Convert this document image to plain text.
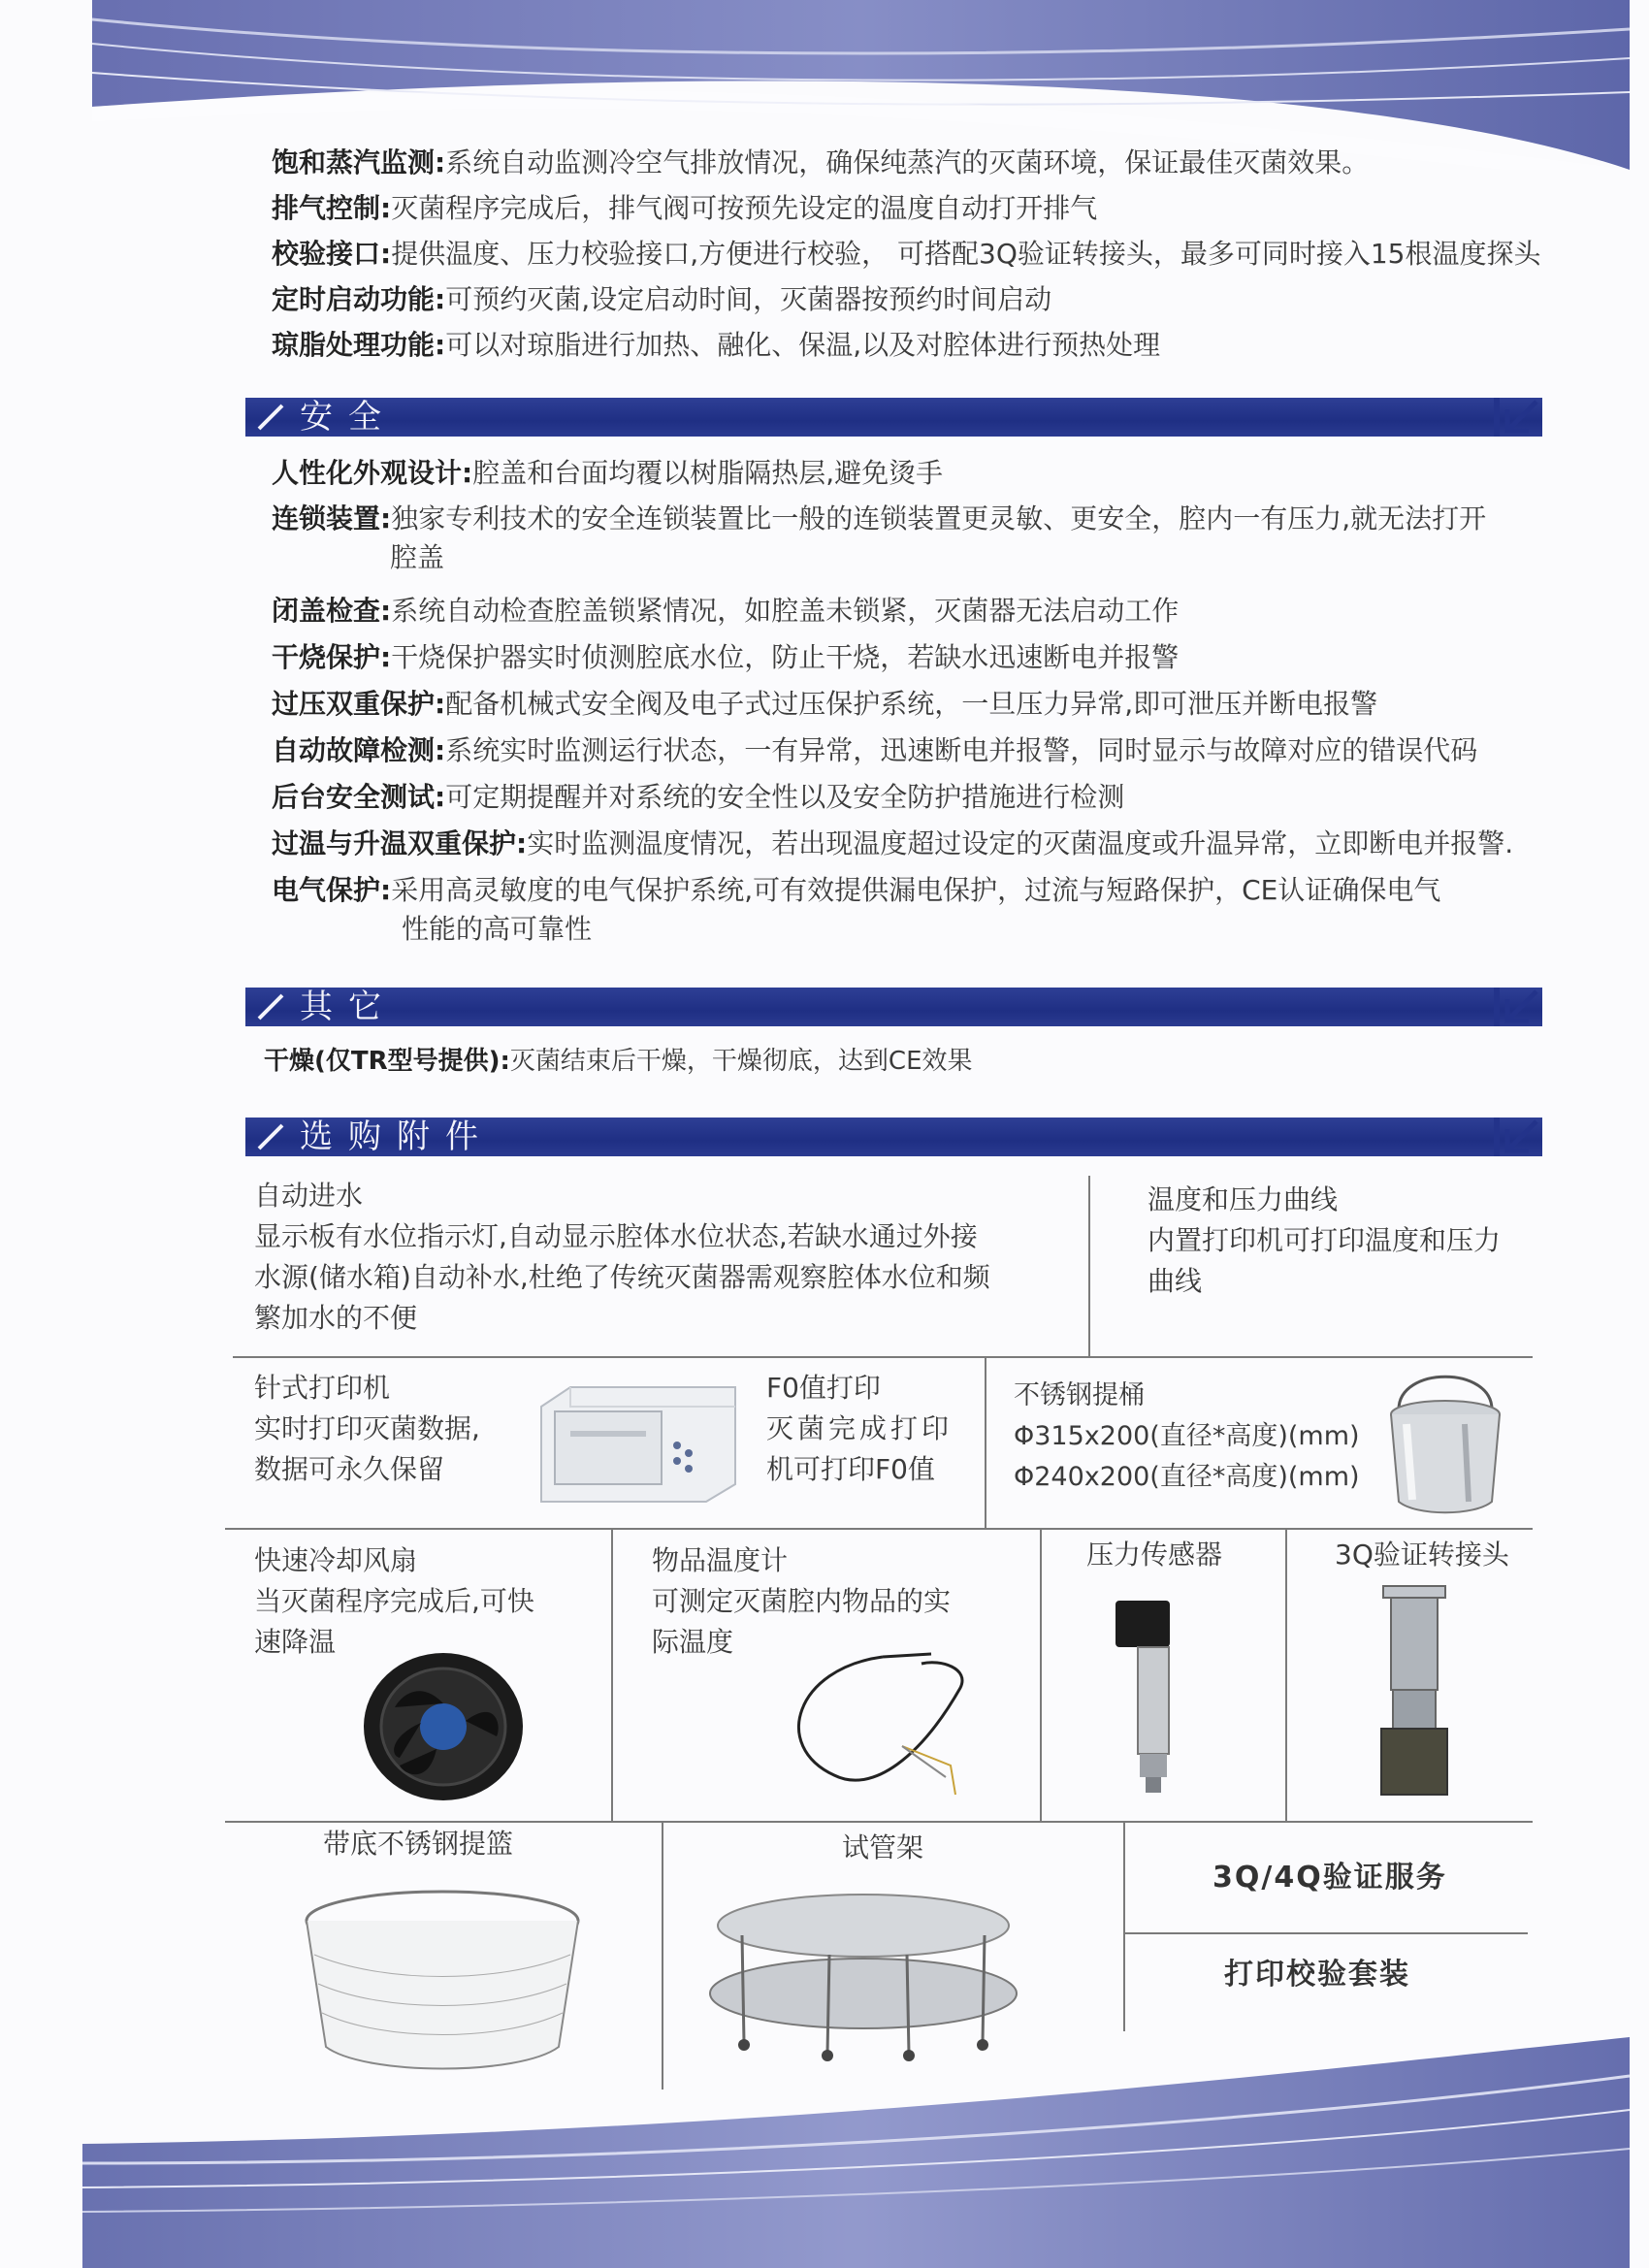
饱和蒸汽监测:系统自动监测冷空气排放情况，确保纯蒸汽的灭菌环境，保证最佳灭菌效果。
排气控制:灭菌程序完成后，排气阀可按预先设定的温度自动打开排气
校验接口:提供温度、压力校验接口,方便进行校验， 可搭配3Q验证转接头，最多可同时接入15根温度探头
定时启动功能:可预约灭菌,设定启动时间，灭菌器按预约时间启动
琼脂处理功能:可以对琼脂进行加热、融化、保温,以及对腔体进行预热处理
安全
人性化外观设计:腔盖和台面均覆以树脂隔热层,避免烫手
连锁装置:独家专利技术的安全连锁装置比一般的连锁装置更灵敏、更安全，腔内一有压力,就无法打开
腔盖
闭盖检查:系统自动检查腔盖锁紧情况，如腔盖未锁紧，灭菌器无法启动工作
干烧保护:干烧保护器实时侦测腔底水位，防止干烧，若缺水迅速断电并报警
过压双重保护:配备机械式安全阀及电子式过压保护系统，一旦压力异常,即可泄压并断电报警
自动故障检测:系统实时监测运行状态，一有异常，迅速断电并报警，同时显示与故障对应的错误代码
后台安全测试:可定期提醒并对系统的安全性以及安全防护措施进行检测
过温与升温双重保护:实时监测温度情况，若出现温度超过设定的灭菌温度或升温异常，立即断电并报警.
电气保护:采用高灵敏度的电气保护系统,可有效提供漏电保护，过流与短路保护，CE认证确保电气
性能的高可靠性
其它
干燥(仅TR型号提供):灭菌结束后干燥，干燥彻底，达到CE效果
选购附件
自动进水
显示板有水位指示灯,自动显示腔体水位状态,若缺水通过外接
水源(储水箱)自动补水,杜绝了传统灭菌器需观察腔体水位和频
繁加水的不便
温度和压力曲线
内置打印机可打印温度和压力
曲线
针式打印机
实时打印灭菌数据,
数据可永久保留
F0值打印
灭菌完成打印
机可打印F0值
不锈钢提桶
Φ315x200(直径*高度)(mm)
Φ240x200(直径*高度)(mm)
快速冷却风扇
当灭菌程序完成后,可快
速降温
物品温度计
可测定灭菌腔内物品的实
际温度
压力传感器	3Q验证转接头
带底不锈钢提篮	试管架
3Q/4Q验证服务
打印校验套装
